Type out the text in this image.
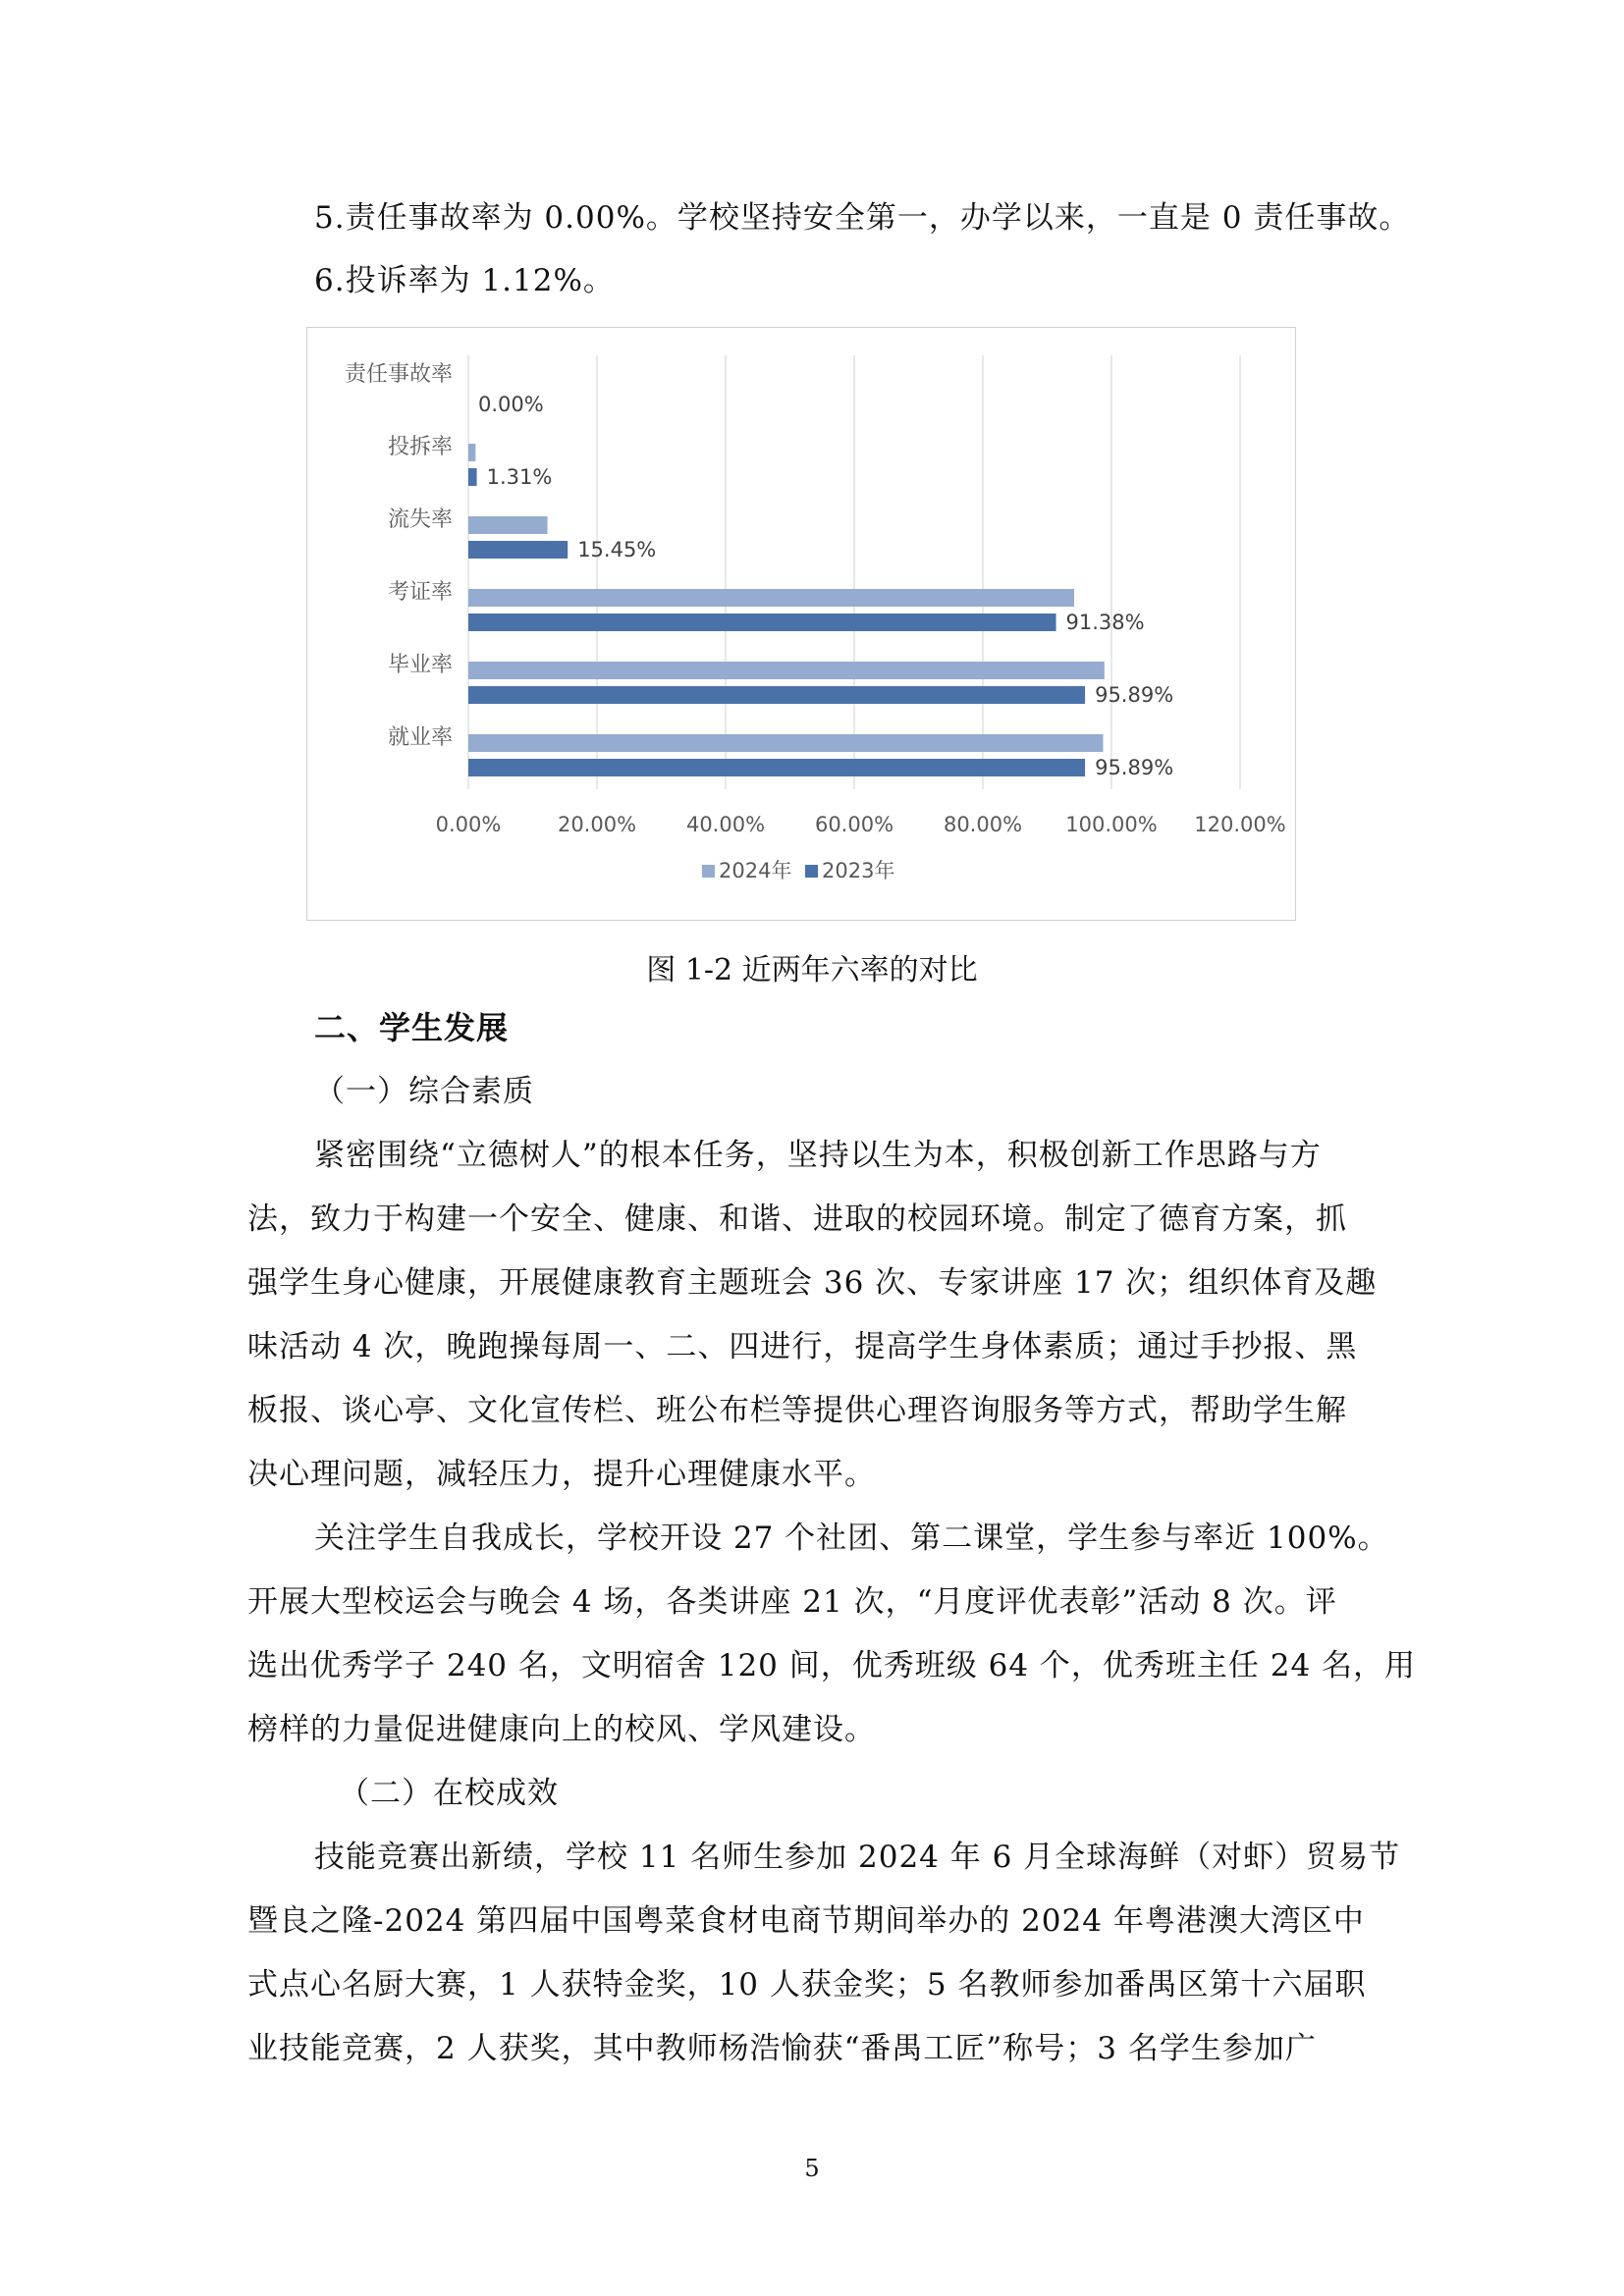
5.责任事故率为 0.00%。学校坚持安全第一，办学以来，一直是 0 责任事故。
6.投诉率为 1.12%。
0.00%	20.00% 40.00% 60.00% 80.00% 100.00% 120.00%
责任事故率
0.00%
投拆率
1.31%
流失率
15.45%
考证率
91.38%
毕业率
95.89%
就业率
95.89%
2024年 2023年
图 1-2 近两年六率的对比
二、学生发展
（一）综合素质
紧密围绕“立德树人”的根本任务，坚持以生为本，积极创新工作思路与方
法，致力于构建一个安全、健康、和谐、进取的校园环境。制定了德育方案，抓
强学生身心健康，开展健康教育主题班会 36 次、专家讲座 17 次；组织体育及趣
味活动 4 次，晚跑操每周一、二、四进行，提高学生身体素质；通过手抄报、黑
板报、谈心亭、文化宣传栏、班公布栏等提供心理咨询服务等方式，帮助学生解
决心理问题，减轻压力，提升心理健康水平。
关注学生自我成长，学校开设 27 个社团、第二课堂，学生参与率近 100%。
开展大型校运会与晚会 4 场，各类讲座 21 次，“月度评优表彰”活动 8 次。评
选出优秀学子 240 名，文明宿舍 120 间，优秀班级 64 个，优秀班主任 24 名，用
榜样的力量促进健康向上的校风、学风建设。
（二）在校成效
技能竞赛出新绩，学校 11 名师生参加 2024 年 6 月全球海鲜（对虾）贸易节
暨良之隆-2024 第四届中国粤菜食材电商节期间举办的 2024 年粤港澳大湾区中
式点心名厨大赛，1 人获特金奖，10 人获金奖；5 名教师参加番禺区第十六届职
业技能竞赛，2 人获奖，其中教师杨浩愉获“番禺工匠”称号；3 名学生参加广
5
